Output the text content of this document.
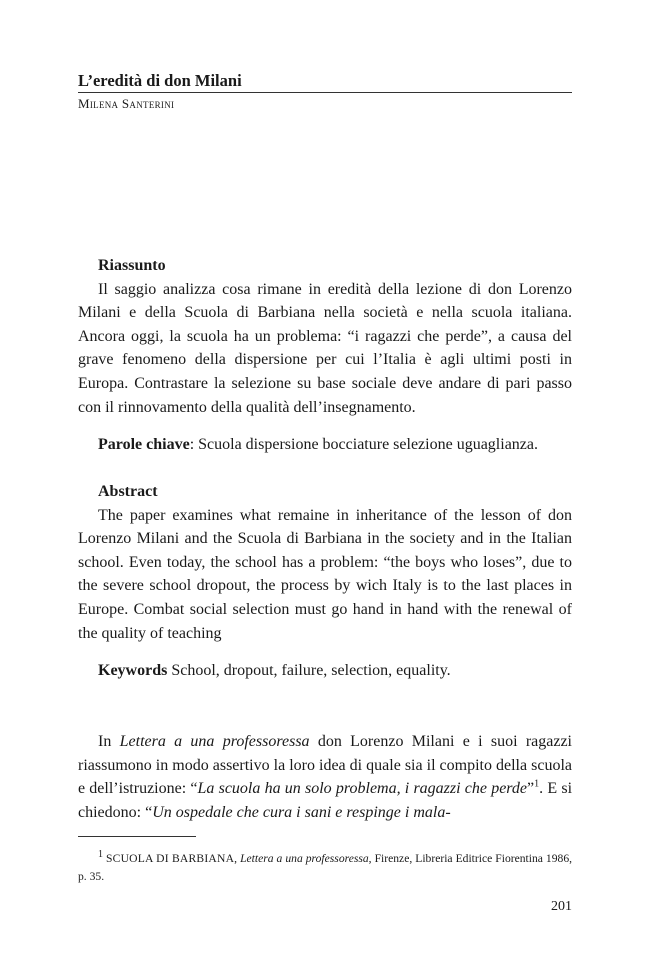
L’eredità di don Milani
Milena Santerini

Riassunto

Il saggio analizza cosa rimane in eredità della lezione di don Lorenzo Milani e della Scuola di Barbiana nella società e nella scuola italiana. Ancora oggi, la scuola ha un problema: “i ragazzi che perde”, a causa del grave fenomeno della dispersione per cui l’Italia è agli ultimi posti in Europa. Contrastare la selezione su base sociale deve andare di pari passo con il rinnovamento della qualità dell’insegnamento.

Parole chiave: Scuola dispersione bocciature selezione uguaglianza.

Abstract

The paper examines what remaine in inheritance of the lesson of don Lorenzo Milani and the Scuola di Barbiana in the society and in the Italian school. Even today, the school has a problem: “the boys who loses”, due to the severe school dropout, the process by wich Italy is to the last places in Europe. Combat social selection must go hand in hand with the renewal of the quality of teaching

Keywords School, dropout, failure, selection, equality.

In Lettera a una professoressa don Lorenzo Milani e i suoi ragazzi riassumono in modo assertivo la loro idea di quale sia il compito della scuola e dell’istruzione: “La scuola ha un solo problema, i ragazzi che perde”$^1$. E si chiedono: “Un ospedale che cura i sani e respinge i mala-

$^1$ SCUOLA DI BARBIANA, Lettera a una professoressa, Firenze, Libreria Editrice Fiorentina 1986, p. 35.

201
